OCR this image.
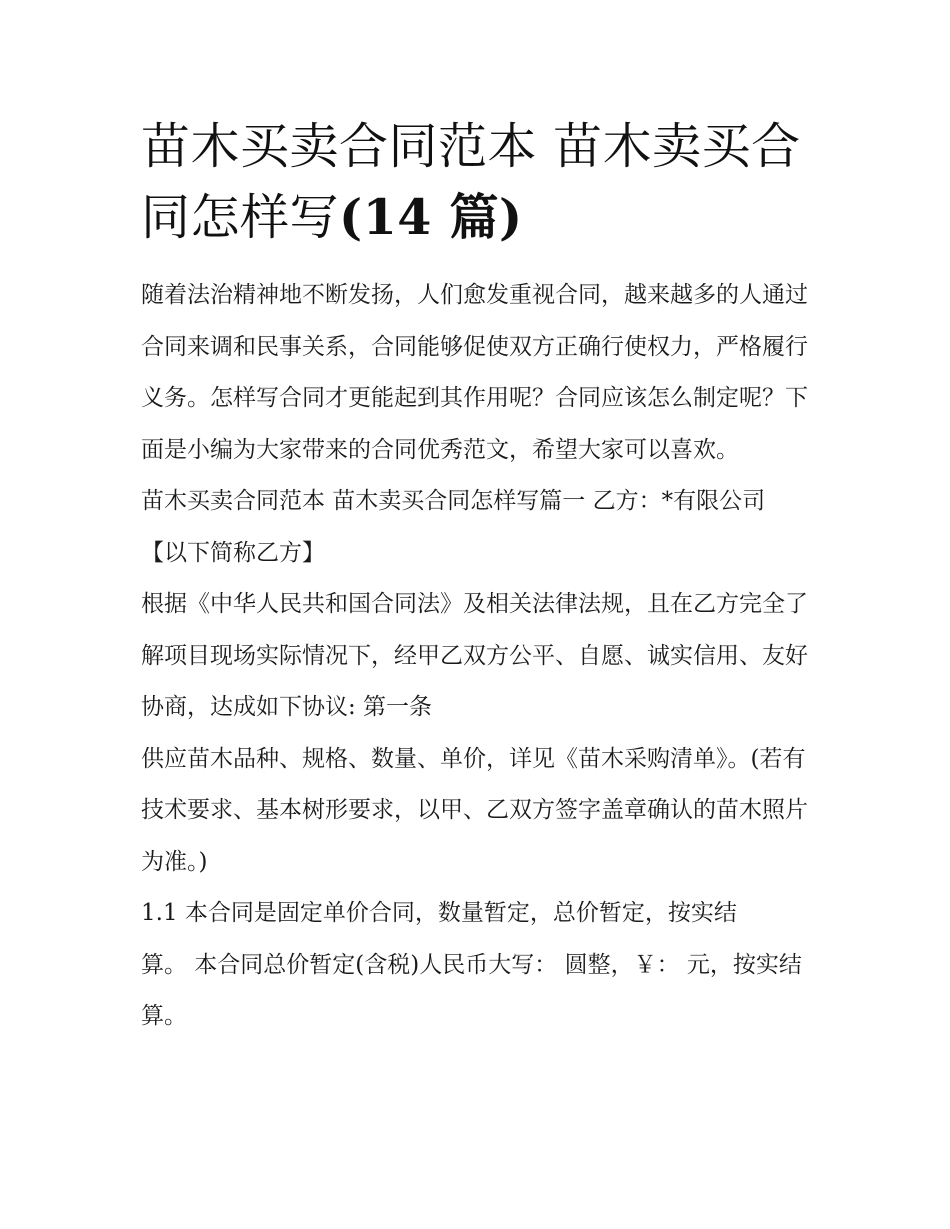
苗木买卖合同范本 苗木卖买合同怎样写(14 篇)

随着法治精神地不断发扬，人们愈发重视合同，越来越多的人通过合同来调和民事关系，合同能够促使双方正确行使权力，严格履行义务。怎样写合同才更能起到其作用呢？合同应该怎么制定呢？下面是小编为大家带来的合同优秀范文，希望大家可以喜欢。

苗木买卖合同范本 苗木卖买合同怎样写篇一 乙方：*有限公司

【以下简称乙方】

根据《中华人民共和国合同法》及相关法律法规，且在乙方完全了解项目现场实际情况下，经甲乙双方公平、自愿、诚实信用、友好协商，达成如下协议: 第一条

供应苗木品种、规格、数量、单价，详见《苗木采购清单》。(若有技术要求、基本树形要求，以甲、乙双方签字盖章确认的苗木照片为准。)

1.1 本合同是固定单价合同，数量暂定，总价暂定，按实结

算。 本合同总价暂定(含税)人民币大写： 圆整，￥： 元，按实结算。
